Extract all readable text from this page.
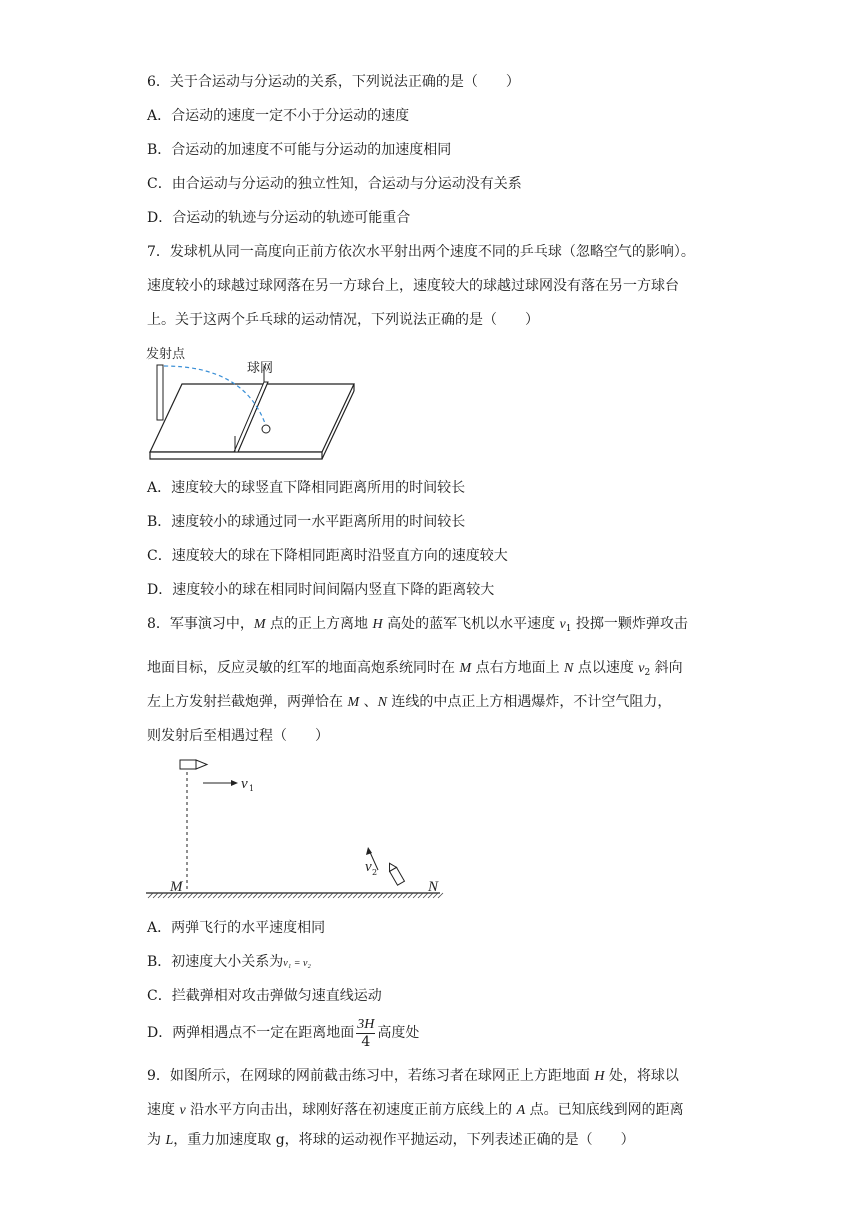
6．关于合运动与分运动的关系，下列说法正确的是（　　）
A．合运动的速度一定不小于分运动的速度
B．合运动的加速度不可能与分运动的加速度相同
C．由合运动与分运动的独立性知，合运动与分运动没有关系
D．合运动的轨迹与分运动的轨迹可能重合
7．发球机从同一高度向正前方依次水平射出两个速度不同的乒乓球（忽略空气的影响）。
速度较小的球越过球网落在另一方球台上，速度较大的球越过球网没有落在另一方球台
上。关于这两个乒乓球的运动情况，下列说法正确的是（　　）
发射点
球网
A．速度较大的球竖直下降相同距离所用的时间较长
B．速度较小的球通过同一水平距离所用的时间较长
C．速度较大的球在下降相同距离时沿竖直方向的速度较大
D．速度较小的球在相同时间间隔内竖直下降的距离较大
8．军事演习中，M 点的正上方离地 H 高处的蓝军飞机以水平速度 $v_1$ 投掷一颗炸弹攻击
地面目标，反应灵敏的红军的地面高炮系统同时在 M 点右方地面上 N 点以速度 $v_2$ 斜向
左上方发射拦截炮弹，两弹恰在 M 、N 连线的中点正上方相遇爆炸，不计空气阻力，
则发射后至相遇过程（　　）
v 1
M	N
v 2
A．两弹飞行的水平速度相同
B．初速度大小关系为v₁ = v₂
C．拦截弹相对攻击弹做匀速直线运动
D．两弹相遇点不一定在距离地面 $\frac{3H}{4}$ 高度处
9．如图所示，在网球的网前截击练习中，若练习者在球网正上方距地面 H 处，将球以
速度 v 沿水平方向击出，球刚好落在初速度正前方底线上的 A 点。已知底线到网的距离
为 L，重力加速度取 g，将球的运动视作平抛运动，下列表述正确的是（　　）
